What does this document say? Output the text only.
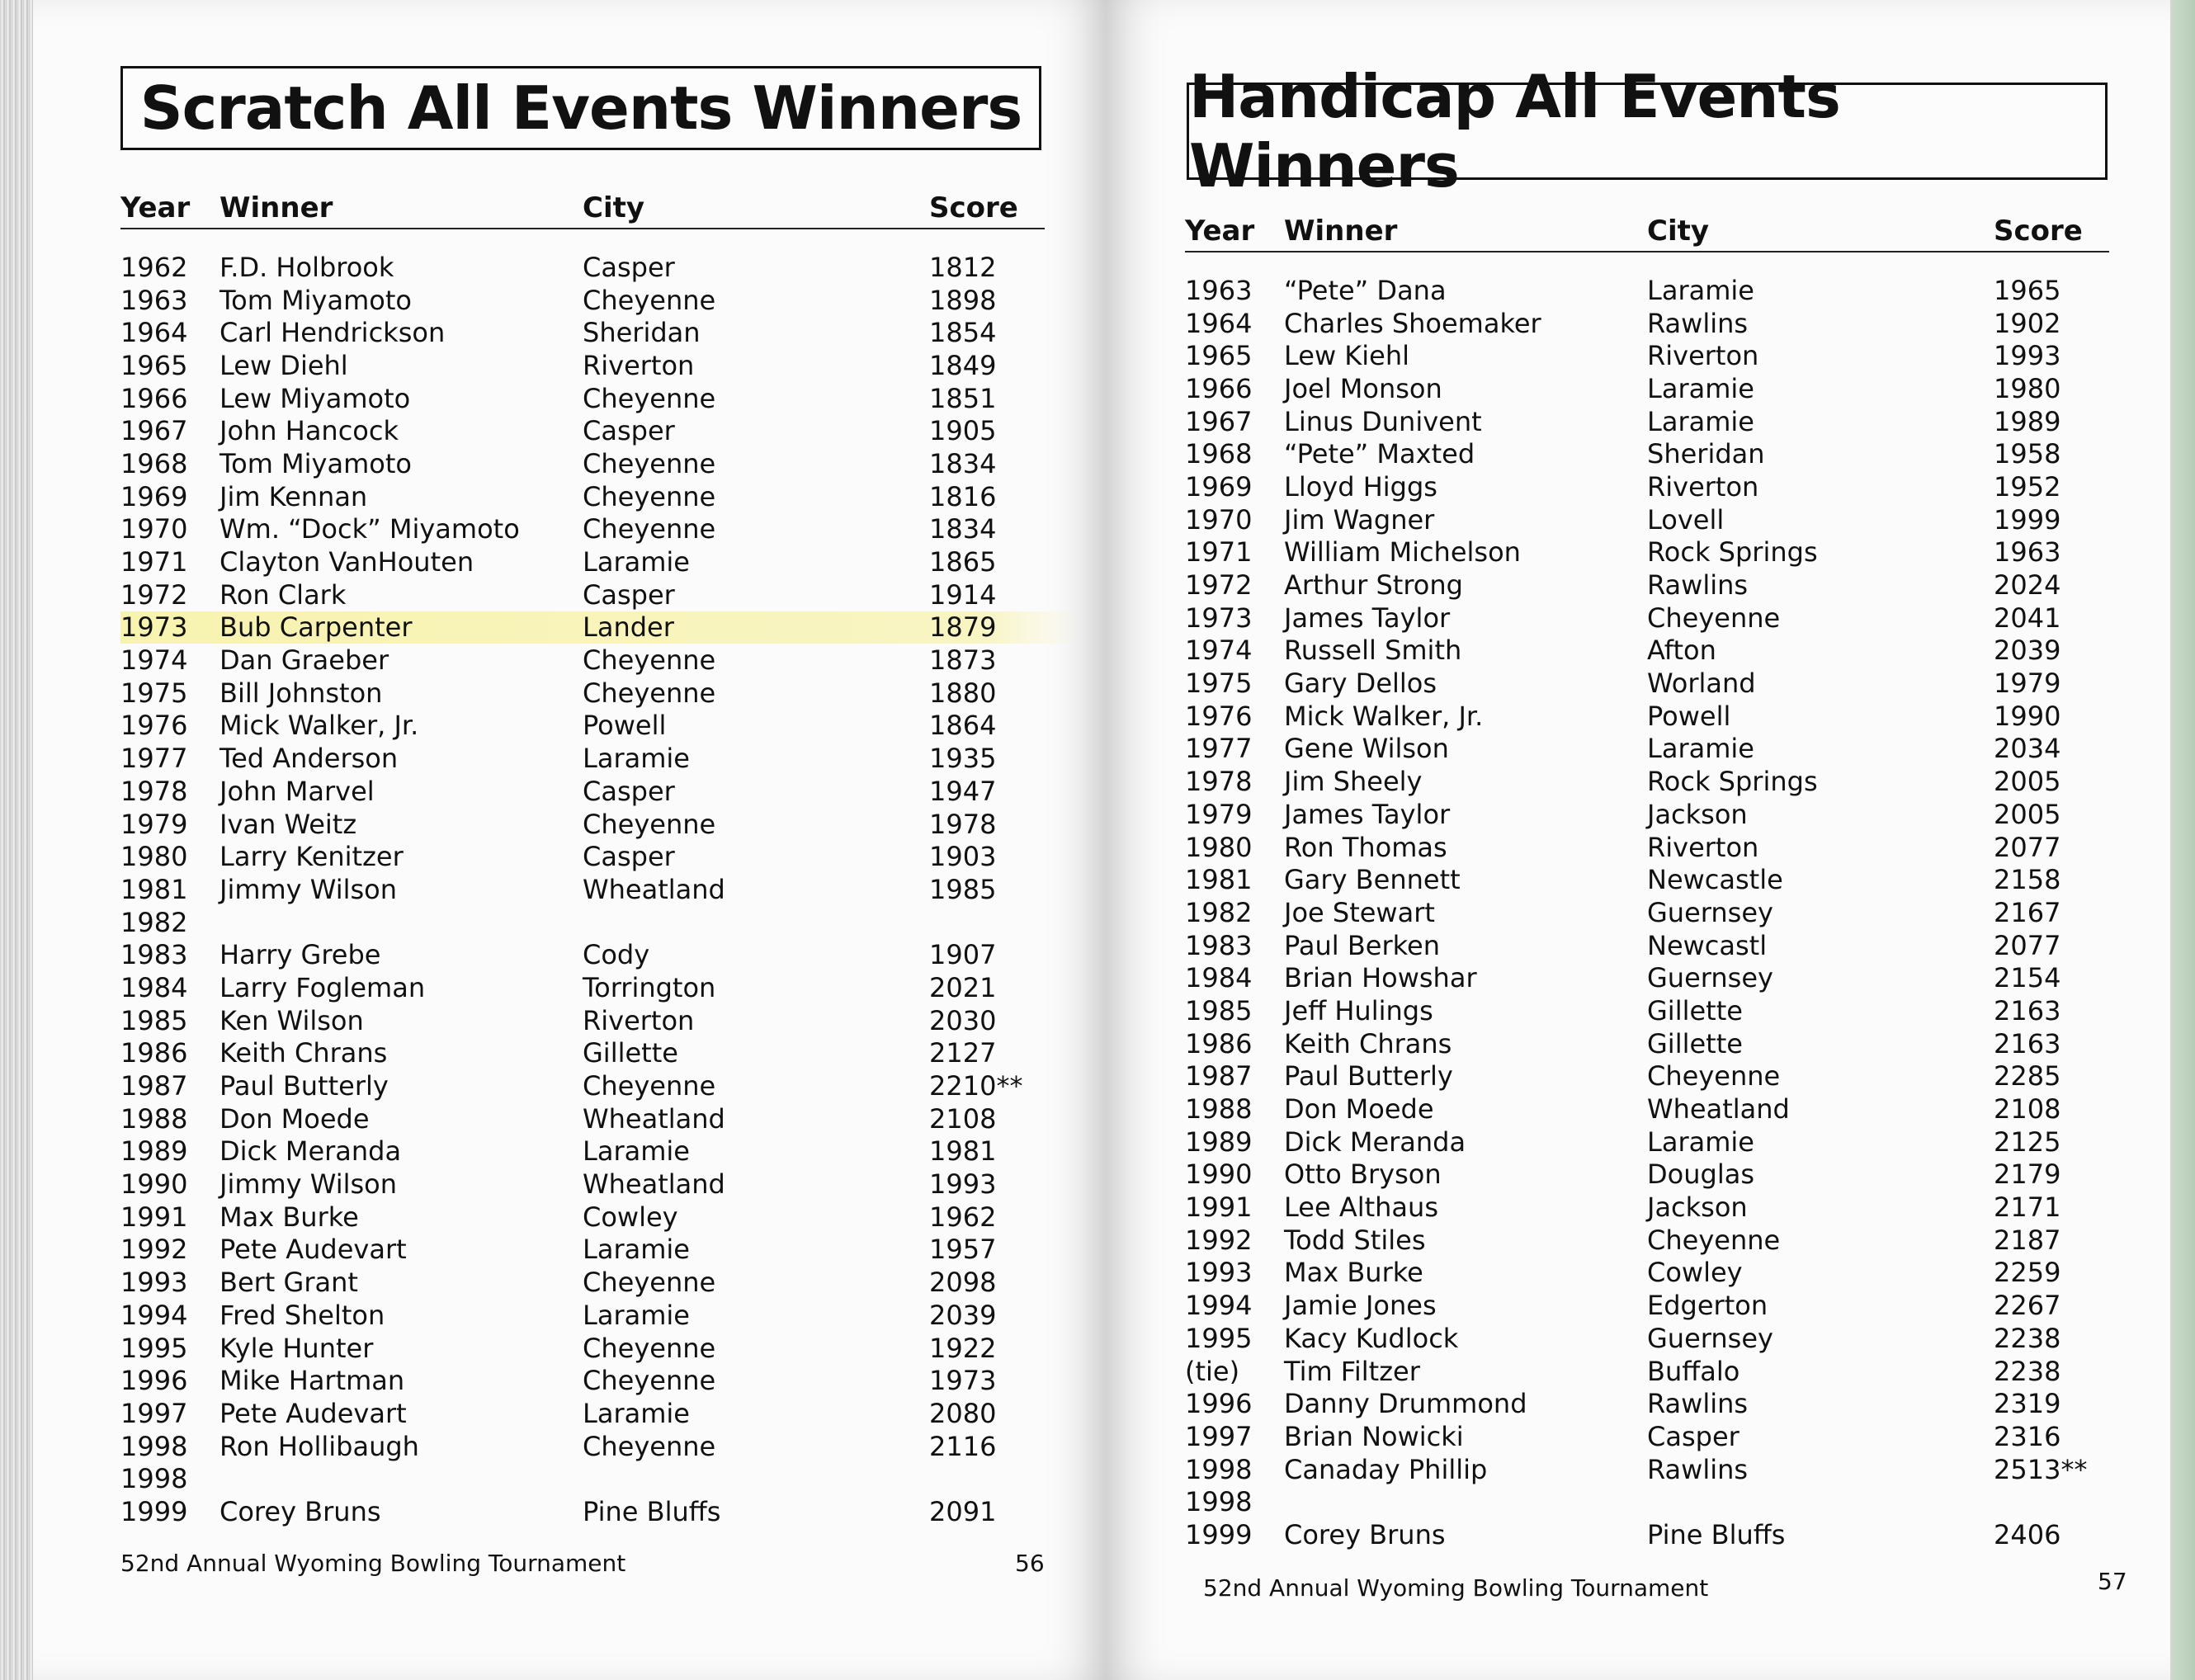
Scratch All Events Winners
Year	Winner	City	Score
1962	F.D. Holbrook	Casper	1812
1963	Tom Miyamoto	Cheyenne	1898
1964	Carl Hendrickson	Sheridan	1854
1965	Lew Diehl	Riverton	1849
1966	Lew Miyamoto	Cheyenne	1851
1967	John Hancock	Casper	1905
1968	Tom Miyamoto	Cheyenne	1834
1969	Jim Kennan	Cheyenne	1816
1970	Wm. “Dock” Miyamoto	Cheyenne	1834
1971	Clayton VanHouten	Laramie	1865
1972	Ron Clark	Casper	1914
1973	Bub Carpenter	Lander	1879
1974	Dan Graeber	Cheyenne	1873
1975	Bill Johnston	Cheyenne	1880
1976	Mick Walker, Jr.	Powell	1864
1977	Ted Anderson	Laramie	1935
1978	John Marvel	Casper	1947
1979	Ivan Weitz	Cheyenne	1978
1980	Larry Kenitzer	Casper	1903
1981	Jimmy Wilson	Wheatland	1985
1982
1983	Harry Grebe	Cody	1907
1984	Larry Fogleman	Torrington	2021
1985	Ken Wilson	Riverton	2030
1986	Keith Chrans	Gillette	2127
1987	Paul Butterly	Cheyenne	2210**
1988	Don Moede	Wheatland	2108
1989	Dick Meranda	Laramie	1981
1990	Jimmy Wilson	Wheatland	1993
1991	Max Burke	Cowley	1962
1992	Pete Audevart	Laramie	1957
1993	Bert Grant	Cheyenne	2098
1994	Fred Shelton	Laramie	2039
1995	Kyle Hunter	Cheyenne	1922
1996	Mike Hartman	Cheyenne	1973
1997	Pete Audevart	Laramie	2080
1998	Ron Hollibaugh	Cheyenne	2116
1998
1999	Corey Bruns	Pine Bluffs	2091
52nd Annual Wyoming Bowling Tournament	56
Handicap All Events Winners
Year	Winner	City	Score
1963	“Pete” Dana	Laramie	1965
1964	Charles Shoemaker	Rawlins	1902
1965	Lew Kiehl	Riverton	1993
1966	Joel Monson	Laramie	1980
1967	Linus Dunivent	Laramie	1989
1968	“Pete” Maxted	Sheridan	1958
1969	Lloyd Higgs	Riverton	1952
1970	Jim Wagner	Lovell	1999
1971	William Michelson	Rock Springs	1963
1972	Arthur Strong	Rawlins	2024
1973	James Taylor	Cheyenne	2041
1974	Russell Smith	Afton	2039
1975	Gary Dellos	Worland	1979
1976	Mick Walker, Jr.	Powell	1990
1977	Gene Wilson	Laramie	2034
1978	Jim Sheely	Rock Springs	2005
1979	James Taylor	Jackson	2005
1980	Ron Thomas	Riverton	2077
1981	Gary Bennett	Newcastle	2158
1982	Joe Stewart	Guernsey	2167
1983	Paul Berken	Newcastl	2077
1984	Brian Howshar	Guernsey	2154
1985	Jeff Hulings	Gillette	2163
1986	Keith Chrans	Gillette	2163
1987	Paul Butterly	Cheyenne	2285
1988	Don Moede	Wheatland	2108
1989	Dick Meranda	Laramie	2125
1990	Otto Bryson	Douglas	2179
1991	Lee Althaus	Jackson	2171
1992	Todd Stiles	Cheyenne	2187
1993	Max Burke	Cowley	2259
1994	Jamie Jones	Edgerton	2267
1995	Kacy Kudlock	Guernsey	2238
(tie)	Tim Filtzer	Buffalo	2238
1996	Danny Drummond	Rawlins	2319
1997	Brian Nowicki	Casper	2316
1998	Canaday Phillip	Rawlins	2513**
1998
1999	Corey Bruns	Pine Bluffs	2406
52nd Annual Wyoming Bowling Tournament	57
